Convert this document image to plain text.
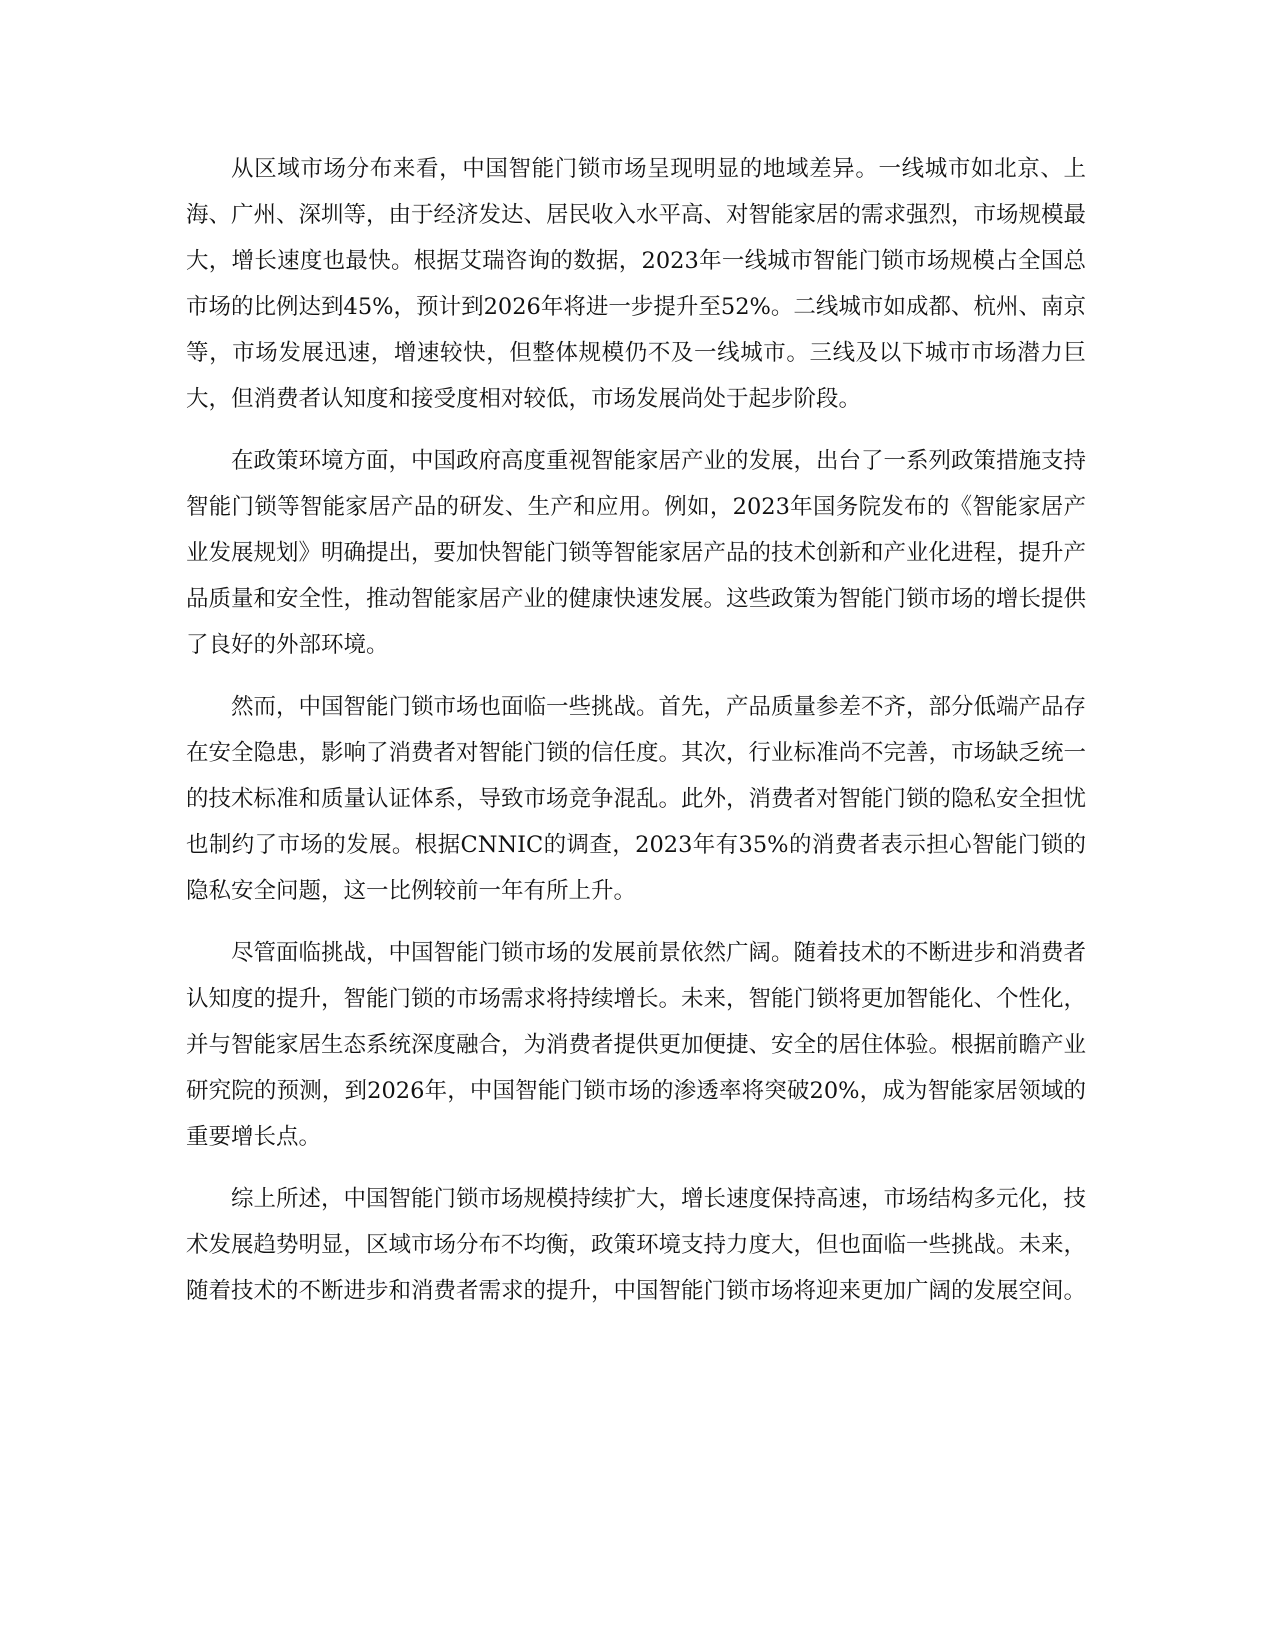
从区域市场分布来看，中国智能门锁市场呈现明显的地域差异。一线城市如北京、上海、广州、深圳等，由于经济发达、居民收入水平高、对智能家居的需求强烈，市场规模最大，增长速度也最快。根据艾瑞咨询的数据，2023年一线城市智能门锁市场规模占全国总市场的比例达到45%，预计到2026年将进一步提升至52%。二线城市如成都、杭州、南京等，市场发展迅速，增速较快，但整体规模仍不及一线城市。三线及以下城市市场潜力巨大，但消费者认知度和接受度相对较低，市场发展尚处于起步阶段。

在政策环境方面，中国政府高度重视智能家居产业的发展，出台了一系列政策措施支持智能门锁等智能家居产品的研发、生产和应用。例如，2023年国务院发布的《智能家居产业发展规划》明确提出，要加快智能门锁等智能家居产品的技术创新和产业化进程，提升产品质量和安全性，推动智能家居产业的健康快速发展。这些政策为智能门锁市场的增长提供了良好的外部环境。

然而，中国智能门锁市场也面临一些挑战。首先，产品质量参差不齐，部分低端产品存在安全隐患，影响了消费者对智能门锁的信任度。其次，行业标准尚不完善，市场缺乏统一的技术标准和质量认证体系，导致市场竞争混乱。此外，消费者对智能门锁的隐私安全担忧也制约了市场的发展。根据CNNIC的调查，2023年有35%的消费者表示担心智能门锁的隐私安全问题，这一比例较前一年有所上升。

尽管面临挑战，中国智能门锁市场的发展前景依然广阔。随着技术的不断进步和消费者认知度的提升，智能门锁的市场需求将持续增长。未来，智能门锁将更加智能化、个性化，并与智能家居生态系统深度融合，为消费者提供更加便捷、安全的居住体验。根据前瞻产业研究院的预测，到2026年，中国智能门锁市场的渗透率将突破20%，成为智能家居领域的重要增长点。

综上所述，中国智能门锁市场规模持续扩大，增长速度保持高速，市场结构多元化，技术发展趋势明显，区域市场分布不均衡，政策环境支持力度大，但也面临一些挑战。未来，随着技术的不断进步和消费者需求的提升，中国智能门锁市场将迎来更加广阔的发展空间。
